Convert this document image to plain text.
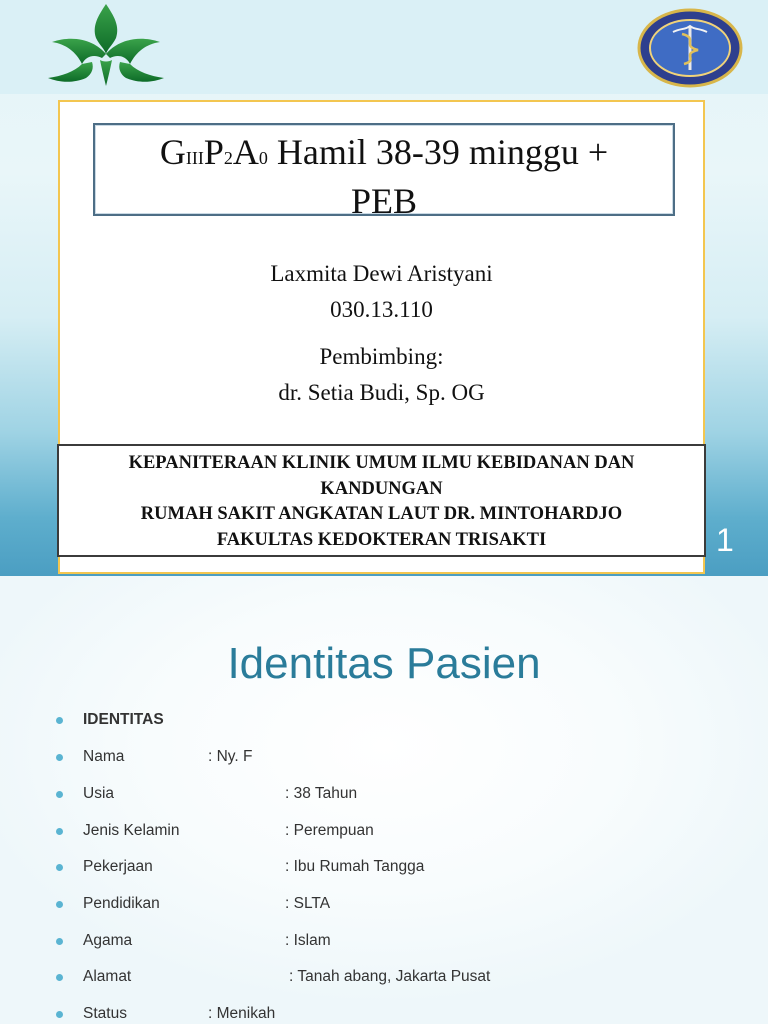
GIIIP2A0 Hamil 38-39 minggu +
PEB
Laxmita Dewi Aristyani
030.13.110
Pembimbing:
dr. Setia Budi, Sp. OG
KEPANITERAAN KLINIK UMUM ILMU KEBIDANAN DAN
KANDUNGAN
RUMAH SAKIT ANGKATAN LAUT DR. MINTOHARDJO
FAKULTAS KEDOKTERAN TRISAKTI	1
Identitas Pasien
IDENTITAS
Nama	: Ny. F
Usia	: 38 Tahun
Jenis Kelamin	: Perempuan
Pekerjaan	: Ibu Rumah Tangga
Pendidikan	: SLTA
Agama	: Islam
Alamat	: Tanah abang, Jakarta Pusat
Status	: Menikah
